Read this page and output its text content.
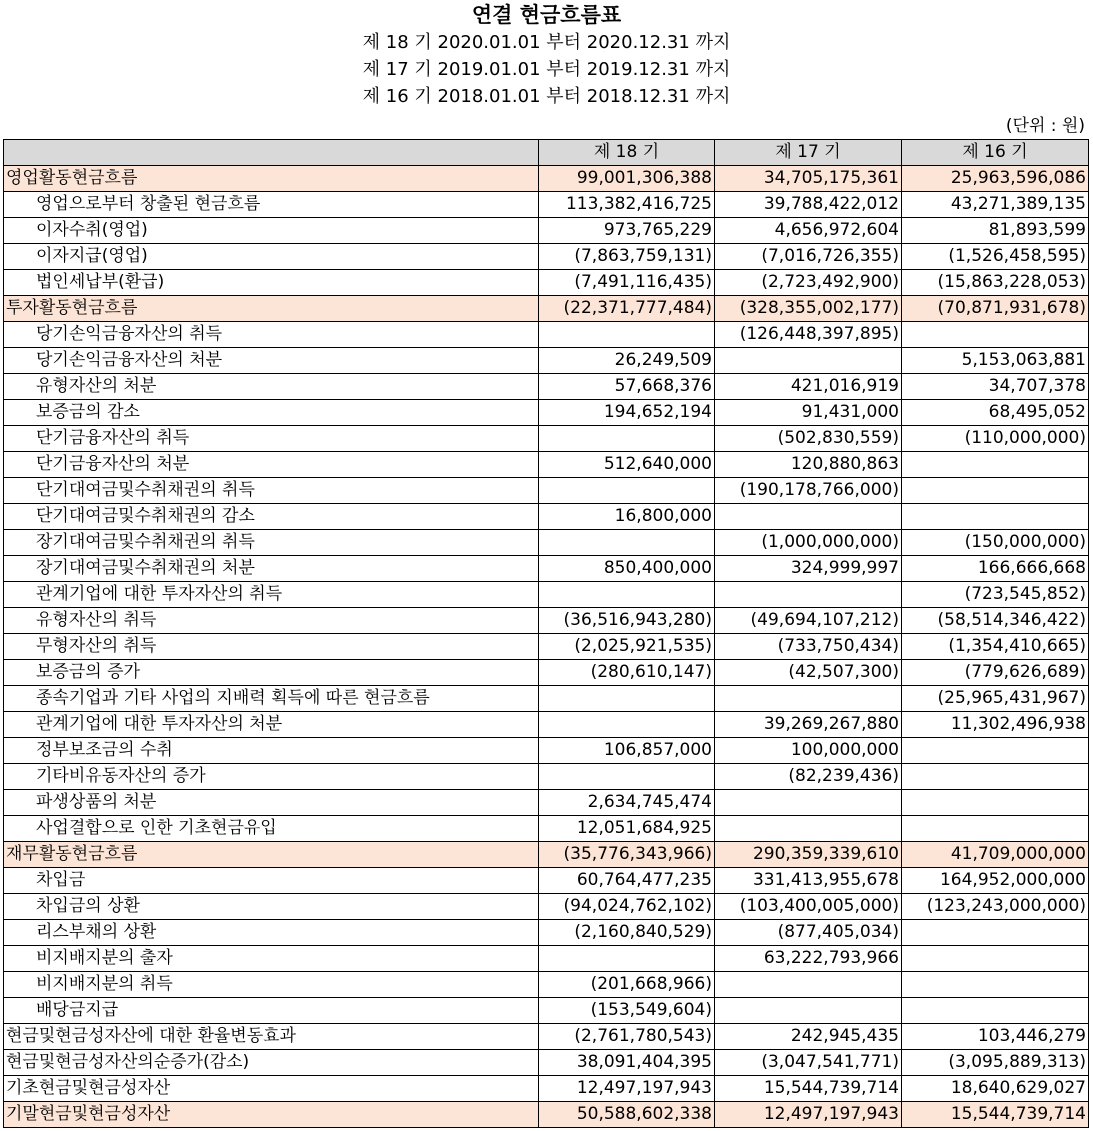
연결 현금흐름표
제 18 기 2020.01.01 부터 2020.12.31 까지
제 17 기 2019.01.01 부터 2019.12.31 까지
제 16 기 2018.01.01 부터 2018.12.31 까지
(단위 : 원)
	제 18 기	제 17 기	제 16 기
영업활동현금흐름	99,001,306,388	34,705,175,361	25,963,596,086
영업으로부터 창출된 현금흐름	113,382,416,725	39,788,422,012	43,271,389,135
이자수취(영업)	973,765,229	4,656,972,604	81,893,599
이자지급(영업)	(7,863,759,131)	(7,016,726,355)	(1,526,458,595)
법인세납부(환급)	(7,491,116,435)	(2,723,492,900)	(15,863,228,053)
투자활동현금흐름	(22,371,777,484)	(328,355,002,177)	(70,871,931,678)
당기손익금융자산의 취득		(126,448,397,895)	
당기손익금융자산의 처분	26,249,509		5,153,063,881
유형자산의 처분	57,668,376	421,016,919	34,707,378
보증금의 감소	194,652,194	91,431,000	68,495,052
단기금융자산의 취득		(502,830,559)	(110,000,000)
단기금융자산의 처분	512,640,000	120,880,863	
단기대여금및수취채권의 취득		(190,178,766,000)	
단기대여금및수취채권의 감소	16,800,000		
장기대여금및수취채권의 취득		(1,000,000,000)	(150,000,000)
장기대여금및수취채권의 처분	850,400,000	324,999,997	166,666,668
관계기업에 대한 투자자산의 취득			(723,545,852)
유형자산의 취득	(36,516,943,280)	(49,694,107,212)	(58,514,346,422)
무형자산의 취득	(2,025,921,535)	(733,750,434)	(1,354,410,665)
보증금의 증가	(280,610,147)	(42,507,300)	(779,626,689)
종속기업과 기타 사업의 지배력 획득에 따른 현금흐름			(25,965,431,967)
관계기업에 대한 투자자산의 처분		39,269,267,880	11,302,496,938
정부보조금의 수취	106,857,000	100,000,000	
기타비유동자산의 증가		(82,239,436)	
파생상품의 처분	2,634,745,474		
사업결합으로 인한 기초현금유입	12,051,684,925		
재무활동현금흐름	(35,776,343,966)	290,359,339,610	41,709,000,000
차입금	60,764,477,235	331,413,955,678	164,952,000,000
차입금의 상환	(94,024,762,102)	(103,400,005,000)	(123,243,000,000)
리스부채의 상환	(2,160,840,529)	(877,405,034)	
비지배지분의 출자		63,222,793,966	
비지배지분의 취득	(201,668,966)		
배당금지급	(153,549,604)		
현금및현금성자산에 대한 환율변동효과	(2,761,780,543)	242,945,435	103,446,279
현금및현금성자산의순증가(감소)	38,091,404,395	(3,047,541,771)	(3,095,889,313)
기초현금및현금성자산	12,497,197,943	15,544,739,714	18,640,629,027
기말현금및현금성자산	50,588,602,338	12,497,197,943	15,544,739,714
